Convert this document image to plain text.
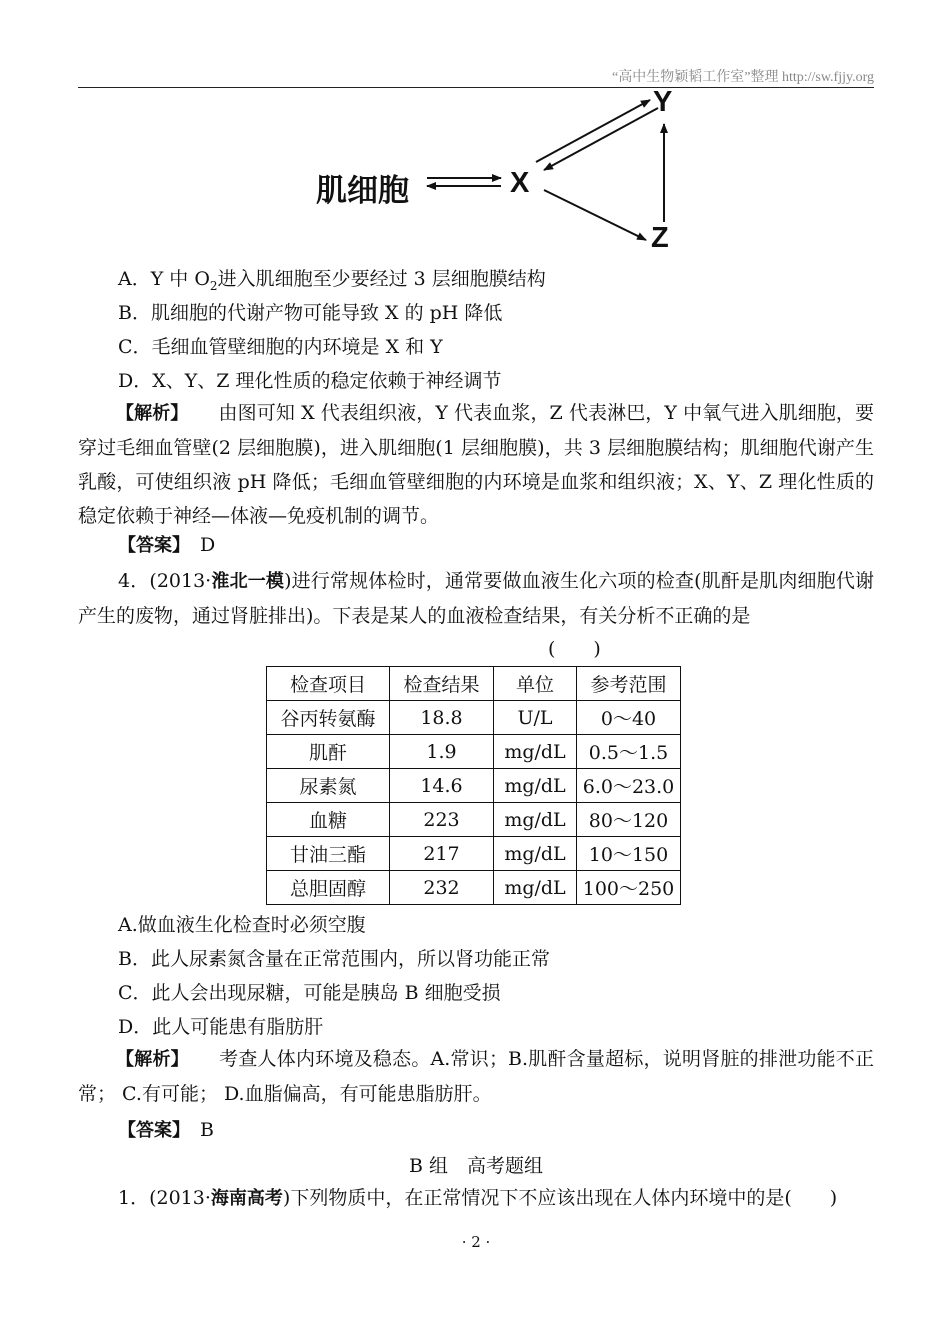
“高中生物颖韬工作室”整理 http://sw.fjjy.org
肌细胞	X
Y
Z
A．Y 中 $O_2$进入肌细胞至少要经过 3 层细胞膜结构
B．肌细胞的代谢产物可能导致 X 的 pH 降低
C．毛细血管壁细胞的内环境是 X 和 Y
D．X、Y、Z 理化性质的稳定依赖于神经调节
【解析】 由图可知 X 代表组织液，Y 代表血浆，Z 代表淋巴，Y 中氧气进入肌细胞，要穿过毛细血管壁(2 层细胞膜)，进入肌细胞(1 层细胞膜)，共 3 层细胞膜结构；肌细胞代谢产生乳酸，可使组织液 pH 降低；毛细血管壁细胞的内环境是血浆和组织液；X、Y、Z 理化性质的稳定依赖于神经—体液—免疫机制的调节。
【答案】　 D
4．(2013·淮北一模)进行常规体检时，通常要做血液生化六项的检查(肌酐是肌肉细胞代谢产生的废物，通过肾脏排出)。下表是某人的血液检查结果，有关分析不正确的是
(　　)
检查项目	检查结果	单位	参考范围
谷丙转氨酶	18.8	U/L	0～40
肌酐	1.9	mg/dL	0.5～1.5
尿素氮	14.6	mg/dL	6.0～23.0
血糖	223	mg/dL	80～120
甘油三酯	217	mg/dL	10～150
总胆固醇	232	mg/dL	100～250
A.做血液生化检查时必须空腹
B．此人尿素氮含量在正常范围内，所以肾功能正常
C．此人会出现尿糖，可能是胰岛 B 细胞受损
D．此人可能患有脂肪肝
【解析】 考查人体内环境及稳态。A.常识；B.肌酐含量超标，说明肾脏的排泄功能不正常； C.有可能； D.血脂偏高，有可能患脂肪肝。
【答案】　 B
B 组　高考题组
1．(2013·海南高考)下列物质中，在正常情况下不应该出现在人体内环境中的是(　　)
· 2 ·
